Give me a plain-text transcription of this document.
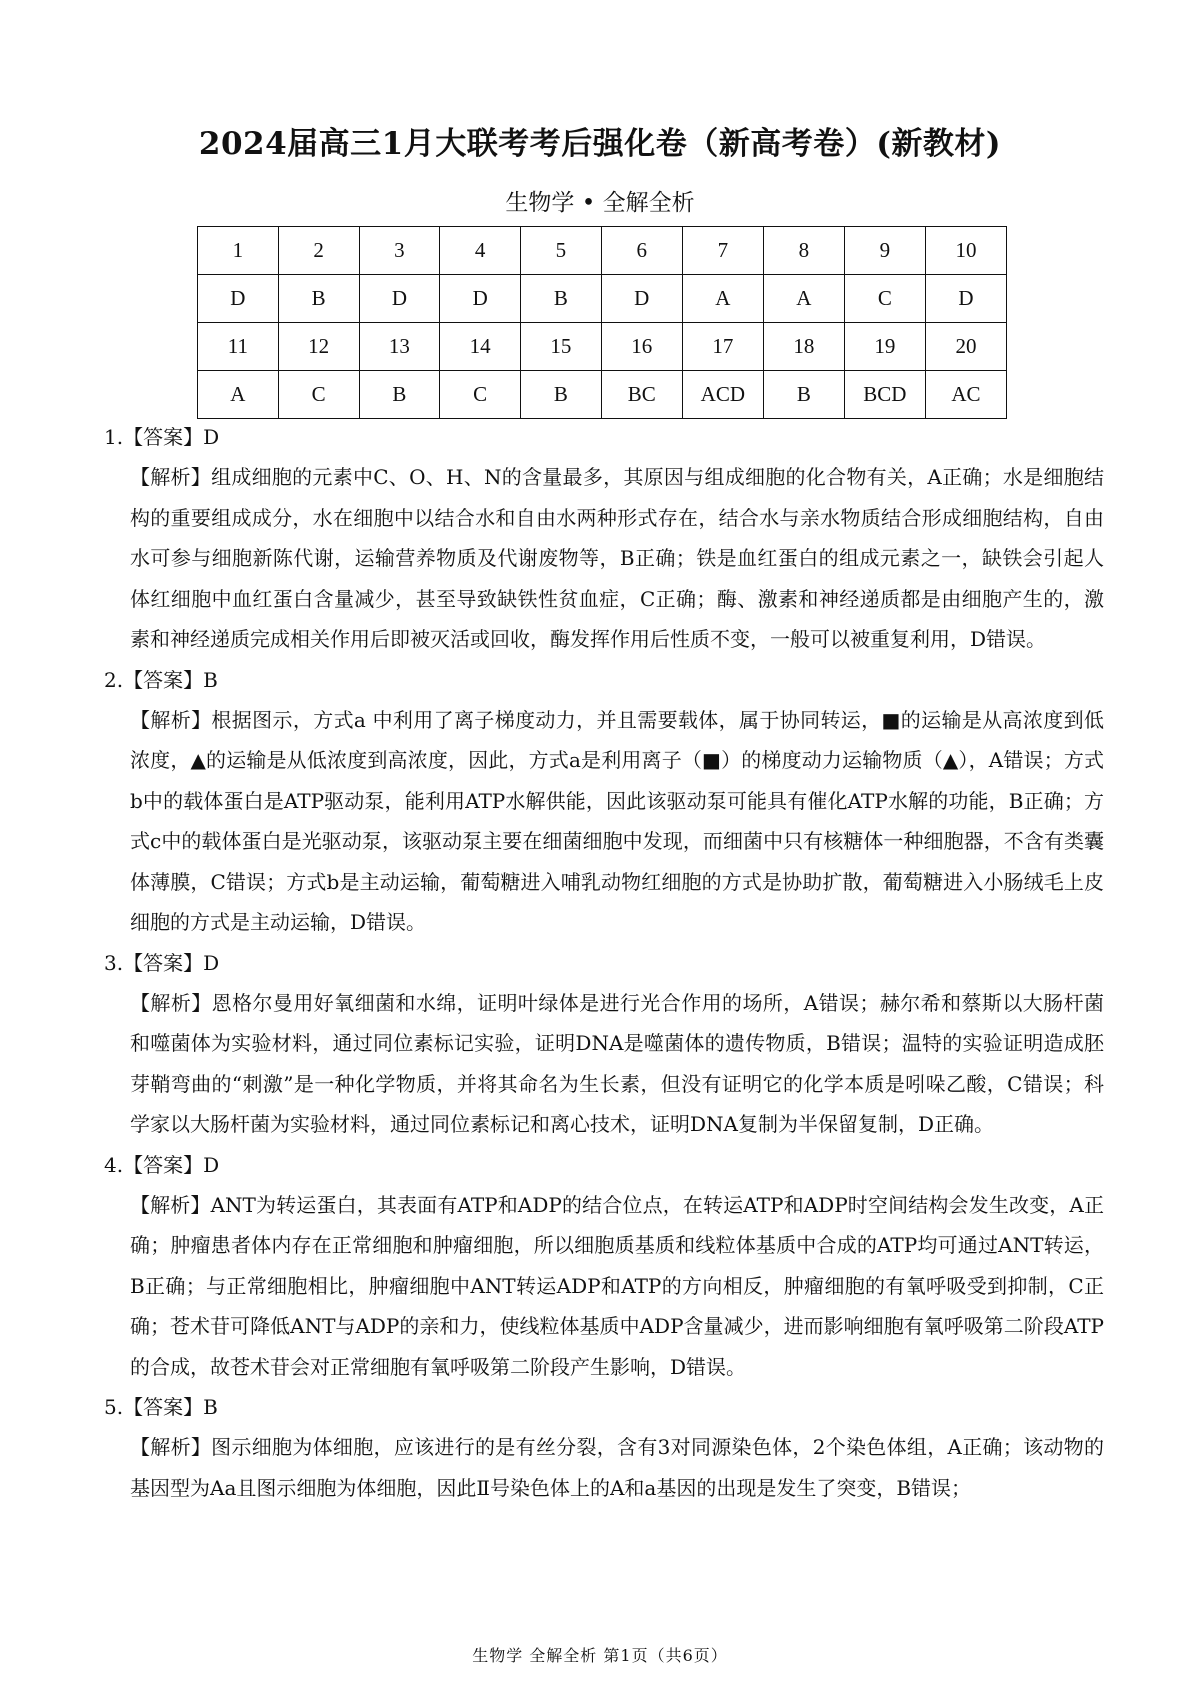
2024届高三1月大联考考后强化卷（新高考卷）(新教材)
生物学 • 全解全析
1	2	3	4	5	6	7	8	9	10
D	B	D	D	B	D	A	A	C	D
11	12	13	14	15	16	17	18	19	20
A	C	B	C	B	BC	ACD	B	BCD	AC
1.【答案】D

【解析】组成细胞的元素中C、O、H、N的含量最多，其原因与组成细胞的化合物有关，A正确；水是细胞结构的重要组成成分，水在细胞中以结合水和自由水两种形式存在，结合水与亲水物质结合形成细胞结构，自由水可参与细胞新陈代谢，运输营养物质及代谢废物等，B正确；铁是血红蛋白的组成元素之一，缺铁会引起人体红细胞中血红蛋白含量减少，甚至导致缺铁性贫血症，C正确；酶、激素和神经递质都是由细胞产生的，激素和神经递质完成相关作用后即被灭活或回收，酶发挥作用后性质不变，一般可以被重复利用，D错误。

2.【答案】B

【解析】根据图示，方式a 中利用了离子梯度动力，并且需要载体，属于协同转运，■的运输是从高浓度到低浓度，▲的运输是从低浓度到高浓度，因此，方式a是利用离子（■）的梯度动力运输物质（▲），A错误；方式b中的载体蛋白是ATP驱动泵，能利用ATP水解供能，因此该驱动泵可能具有催化ATP水解的功能，B正确；方式c中的载体蛋白是光驱动泵，该驱动泵主要在细菌细胞中发现，而细菌中只有核糖体一种细胞器，不含有类囊体薄膜，C错误；方式b是主动运输，葡萄糖进入哺乳动物红细胞的方式是协助扩散，葡萄糖进入小肠绒毛上皮细胞的方式是主动运输，D错误。

3.【答案】D

【解析】恩格尔曼用好氧细菌和水绵，证明叶绿体是进行光合作用的场所，A错误；赫尔希和蔡斯以大肠杆菌和噬菌体为实验材料，通过同位素标记实验，证明DNA是噬菌体的遗传物质，B错误；温特的实验证明造成胚芽鞘弯曲的“刺激”是一种化学物质，并将其命名为生长素，但没有证明它的化学本质是吲哚乙酸，C错误；科学家以大肠杆菌为实验材料，通过同位素标记和离心技术，证明DNA复制为半保留复制，D正确。

4.【答案】D

【解析】ANT为转运蛋白，其表面有ATP和ADP的结合位点，在转运ATP和ADP时空间结构会发生改变，A正确；肿瘤患者体内存在正常细胞和肿瘤细胞，所以细胞质基质和线粒体基质中合成的ATP均可通过ANT转运，B正确；与正常细胞相比，肿瘤细胞中ANT转运ADP和ATP的方向相反，肿瘤细胞的有氧呼吸受到抑制，C正确；苍术苷可降低ANT与ADP的亲和力，使线粒体基质中ADP含量减少，进而影响细胞有氧呼吸第二阶段ATP的合成，故苍术苷会对正常细胞有氧呼吸第二阶段产生影响，D错误。

5.【答案】B

【解析】图示细胞为体细胞，应该进行的是有丝分裂，含有3对同源染色体，2个染色体组，A正确；该动物的基因型为Aa且图示细胞为体细胞，因此Ⅱ号染色体上的A和a基因的出现是发生了突变，B错误；

生物学 全解全析 第1页（共6页）
